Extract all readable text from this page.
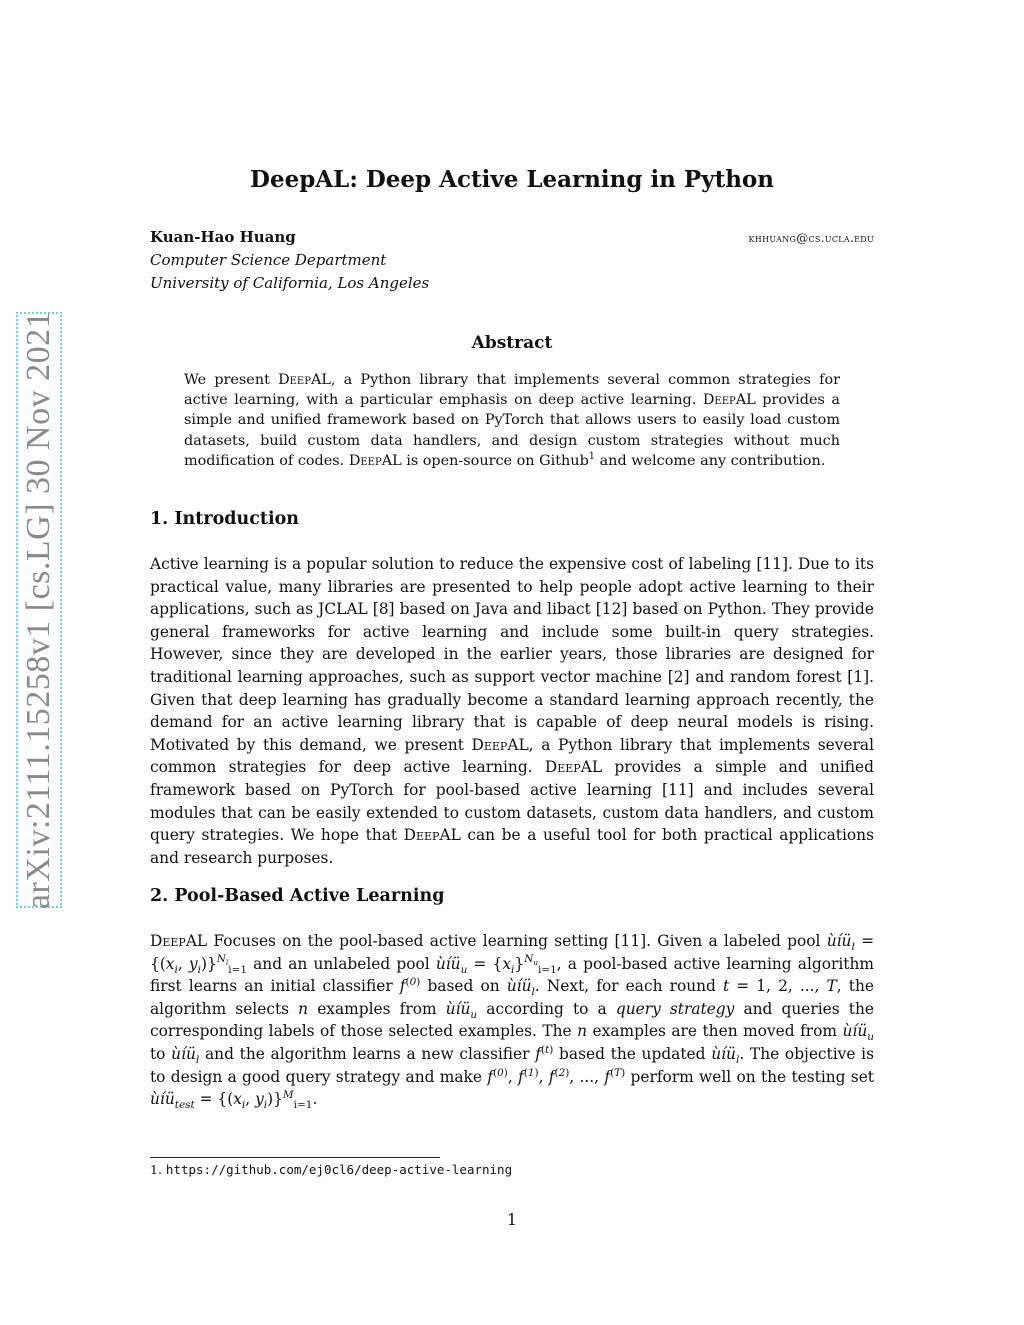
arXiv:2111.15258v1 [cs.LG] 30 Nov 2021
DeepAL: Deep Active Learning in Python
Kuan-Hao Huang	khhuang@cs.ucla.edu
Computer Science Department
University of California, Los Angeles
Abstract

We present DeepAL, a Python library that implements several common strategies for active learning, with a particular emphasis on deep active learning. DeepAL provides a simple and unified framework based on PyTorch that allows users to easily load custom datasets, build custom data handlers, and design custom strategies without much modification of codes. DeepAL is open-source on Github$^1$ and welcome any contribution.

1. Introduction

Active learning is a popular solution to reduce the expensive cost of labeling [11]. Due to its practical value, many libraries are presented to help people adopt active learning to their applications, such as JCLAL [8] based on Java and libact [12] based on Python. They provide general frameworks for active learning and include some built-in query strategies. However, since they are developed in the earlier years, those libraries are designed for traditional learning approaches, such as support vector machine [2] and random forest [1]. Given that deep learning has gradually become a standard learning approach recently, the demand for an active learning library that is capable of deep neural models is rising. Motivated by this demand, we present DeepAL, a Python library that implements several common strategies for deep active learning. DeepAL provides a simple and unified framework based on PyTorch for pool-based active learning [11] and includes several modules that can be easily extended to custom datasets, custom data handlers, and custom query strategies. We hope that DeepAL can be a useful tool for both practical applications and research purposes.

2. Pool-Based Active Learning

DeepAL Focuses on the pool-based active learning setting [11]. Given a labeled pool ùíü$_l$ = {($x_i$, $y_i)\}^{N_l}_{i=1}$ and an unlabeled pool ùíü$_u$ = $\{x_i\}^{N_u}_{i=1}$, a pool-based active learning algorithm first learns an initial classifier $f^{(0)}$ based on ùíü$_l$. Next, for each round t = 1, 2, ..., T, the algorithm selects n examples from ùíü$_u$ according to a query strategy and queries the corresponding labels of those selected examples. The n examples are then moved from ùíü$_u$ to ùíü$_l$ and the algorithm learns a new classifier $f^{(t)}$ based the updated ùíü$_l$. The objective is to design a good query strategy and make $f^{(0)}$, $f^{(1)}$, $f^{(2)}$, ..., $f^{(T)}$ perform well on the testing set ùíü$_{test}$ = {($x_i$, $y_i)\}^M_{i=1}$.

1. https://github.com/ej0cl6/deep-active-learning
1
